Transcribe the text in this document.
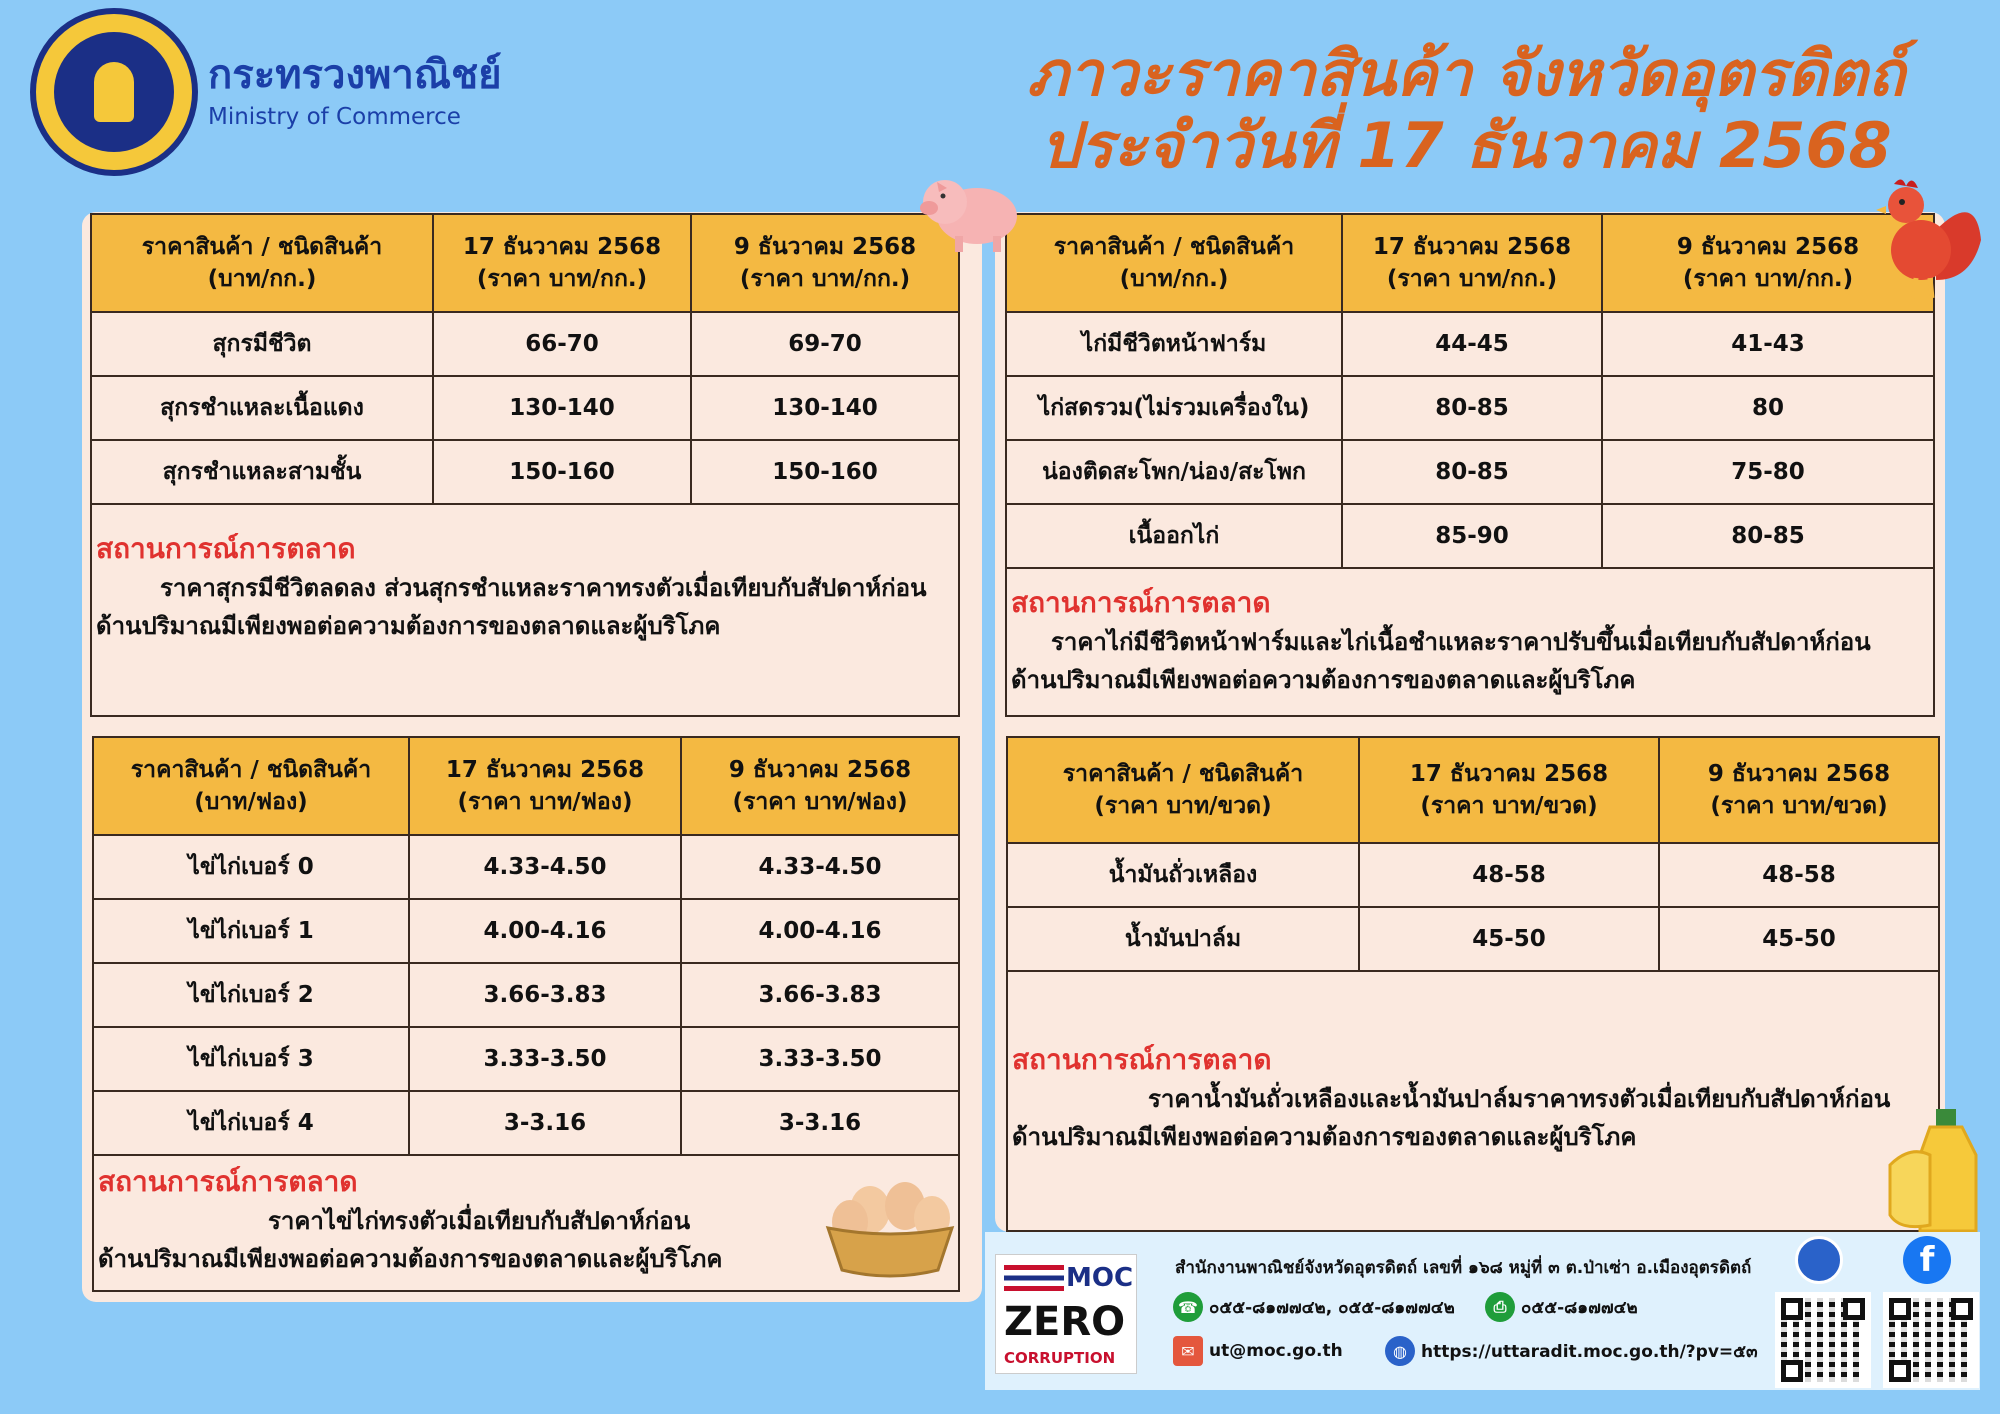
กระทรวงพาณิชย์
Ministry of Commerce
ภาวะราคาสินค้า จังหวัดอุตรดิตถ์
ประจำวันที่ 17 ธันวาคม 2568
ราคาสินค้า / ชนิดสินค้า
(บาท/กก.)
17 ธันวาคม 2568
(ราคา บาท/กก.)
9 ธันวาคม 2568
(ราคา บาท/กก.)
สุกรมีชีวิต	66-70	69-70
สุกรชำแหละเนื้อแดง	130-140	130-140
สุกรชำแหละสามชั้น	150-160	150-160
สถานการณ์การตลาด
ราคาสุกรมีชีวิตลดลง ส่วนสุกรชำแหละราคาทรงตัวเมื่อเทียบกับสัปดาห์ก่อน
ด้านปริมาณมีเพียงพอต่อความต้องการของตลาดและผู้บริโภค
ราคาสินค้า / ชนิดสินค้า
(บาท/กก.)
17 ธันวาคม 2568
(ราคา บาท/กก.)
9 ธันวาคม 2568
(ราคา บาท/กก.)
ไก่มีชีวิตหน้าฟาร์ม	44-45	41-43
ไก่สดรวม(ไม่รวมเครื่องใน)	80-85	80
น่องติดสะโพก/น่อง/สะโพก	80-85	75-80
เนื้ออกไก่	85-90	80-85
สถานการณ์การตลาด
ราคาไก่มีชีวิตหน้าฟาร์มและไก่เนื้อชำแหละราคาปรับขึ้นเมื่อเทียบกับสัปดาห์ก่อน
ด้านปริมาณมีเพียงพอต่อความต้องการของตลาดและผู้บริโภค
ราคาสินค้า / ชนิดสินค้า
(บาท/ฟอง)
17 ธันวาคม 2568
(ราคา บาท/ฟอง)
9 ธันวาคม 2568
(ราคา บาท/ฟอง)
ไข่ไก่เบอร์ 0	4.33-4.50	4.33-4.50
ไข่ไก่เบอร์ 1	4.00-4.16	4.00-4.16
ไข่ไก่เบอร์ 2	3.66-3.83	3.66-3.83
ไข่ไก่เบอร์ 3	3.33-3.50	3.33-3.50
ไข่ไก่เบอร์ 4	3-3.16	3-3.16
สถานการณ์การตลาด
ราคาไข่ไก่ทรงตัวเมื่อเทียบกับสัปดาห์ก่อน
ด้านปริมาณมีเพียงพอต่อความต้องการของตลาดและผู้บริโภค
ราคาสินค้า / ชนิดสินค้า
(ราคา บาท/ขวด)
17 ธันวาคม 2568
(ราคา บาท/ขวด)
9 ธันวาคม 2568
(ราคา บาท/ขวด)
น้ำมันถั่วเหลือง	48-58	48-58
น้ำมันปาล์ม	45-50	45-50
สถานการณ์การตลาด
ราคาน้ำมันถั่วเหลืองและน้ำมันปาล์มราคาทรงตัวเมื่อเทียบกับสัปดาห์ก่อน
ด้านปริมาณมีเพียงพอต่อความต้องการของตลาดและผู้บริโภค
MOC
ZERO
CORRUPTION
สำนักงานพาณิชย์จังหวัดอุตรดิตถ์ เลขที่ ๑๖๘ หมู่ที่ ๓ ต.ป่าเซ่า อ.เมืองอุตรดิตถ์
☎ ๐๕๕-๘๑๗๗๔๒, ๐๕๕-๘๑๗๗๔๒	⎙ ๐๕๕-๘๑๗๗๔๒
✉ ut@moc.go.th	◍ https://uttaradit.moc.go.th/?pv=๕๓
f
